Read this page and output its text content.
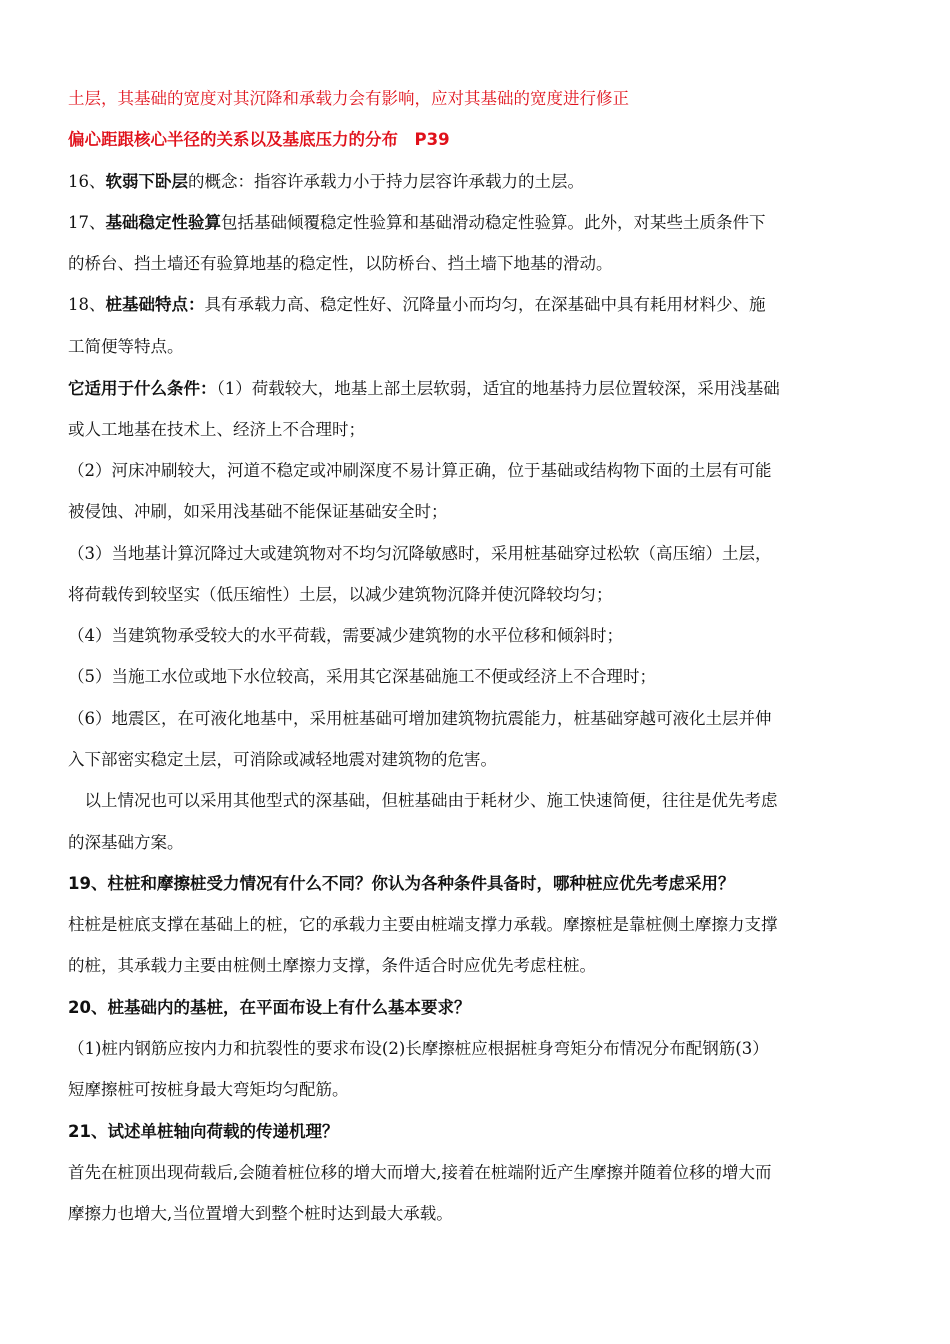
土层，其基础的宽度对其沉降和承载力会有影响，应对其基础的宽度进行修正
偏心距跟核心半径的关系以及基底压力的分布　P39
16、软弱下卧层的概念：指容许承载力小于持力层容许承载力的土层。
17、基础稳定性验算包括基础倾覆稳定性验算和基础滑动稳定性验算。此外，对某些土质条件下
的桥台、挡土墙还有验算地基的稳定性，以防桥台、挡土墙下地基的滑动。
18、桩基础特点：具有承载力高、稳定性好、沉降量小而均匀，在深基础中具有耗用材料少、施
工简便等特点。
它适用于什么条件：（1）荷载较大，地基上部土层软弱，适宜的地基持力层位置较深，采用浅基础
或人工地基在技术上、经济上不合理时；
（2）河床冲刷较大，河道不稳定或冲刷深度不易计算正确，位于基础或结构物下面的土层有可能
被侵蚀、冲刷，如采用浅基础不能保证基础安全时；
（3）当地基计算沉降过大或建筑物对不均匀沉降敏感时，采用桩基础穿过松软（高压缩）土层，
将荷载传到较坚实（低压缩性）土层，以减少建筑物沉降并使沉降较均匀；
（4）当建筑物承受较大的水平荷载，需要减少建筑物的水平位移和倾斜时；
（5）当施工水位或地下水位较高，采用其它深基础施工不便或经济上不合理时；
（6）地震区，在可液化地基中，采用桩基础可增加建筑物抗震能力，桩基础穿越可液化土层并伸
入下部密实稳定土层，可消除或减轻地震对建筑物的危害。
　以上情况也可以采用其他型式的深基础，但桩基础由于耗材少、施工快速简便，往往是优先考虑
的深基础方案。
19、柱桩和摩擦桩受力情况有什么不同？你认为各种条件具备时，哪种桩应优先考虑采用？
柱桩是桩底支撑在基础上的桩，它的承载力主要由桩端支撑力承载。摩擦桩是靠桩侧土摩擦力支撑
的桩，其承载力主要由桩侧土摩擦力支撑，条件适合时应优先考虑柱桩。
20、桩基础内的基桩，在平面布设上有什么基本要求？
（1)桩内钢筋应按内力和抗裂性的要求布设(2)长摩擦桩应根据桩身弯矩分布情况分布配钢筋(3）
短摩擦桩可按桩身最大弯矩均匀配筋。
21、试述单桩轴向荷载的传递机理？
首先在桩顶出现荷载后,会随着桩位移的增大而增大,接着在桩端附近产生摩擦并随着位移的增大而
摩擦力也增大,当位置增大到整个桩时达到最大承载。
